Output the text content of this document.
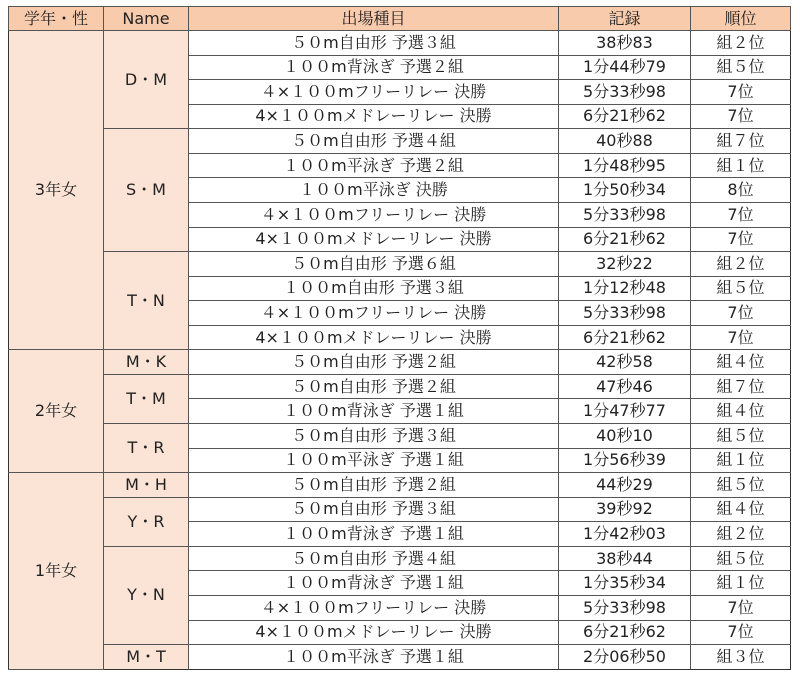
学年・性	Name	出場種目	記録	順位
3年女	D・M	５０m自由形 予選３組	38秒83	組２位
		１００m背泳ぎ 予選２組	1分44秒79	組５位
		４×１００mフリーリレー 決勝	5分33秒98	7位
		4×１００mメドレーリレー 決勝	6分21秒62	7位
	S・M	５０m自由形 予選４組	40秒88	組７位
		１００m平泳ぎ 予選２組	1分48秒95	組１位
		１００m平泳ぎ 決勝	1分50秒34	8位
		４×１００mフリーリレー 決勝	5分33秒98	7位
		4×１００mメドレーリレー 決勝	6分21秒62	7位
	T・N	５０m自由形 予選６組	32秒22	組２位
		１００m自由形 予選３組	1分12秒48	組５位
		４×１００mフリーリレー 決勝	5分33秒98	7位
		4×１００mメドレーリレー 決勝	6分21秒62	7位
2年女	M・K	５０m自由形 予選２組	42秒58	組４位
	T・M	５０m自由形 予選２組	47秒46	組７位
		１００m背泳ぎ 予選１組	1分47秒77	組４位
	T・R	５０m自由形 予選３組	40秒10	組５位
		１００m平泳ぎ 予選１組	1分56秒39	組１位
1年女	M・H	５０m自由形 予選２組	44秒29	組５位
	Y・R	５０m自由形 予選３組	39秒92	組４位
		１００m背泳ぎ 予選１組	1分42秒03	組２位
	Y・N	５０m自由形 予選４組	38秒44	組５位
		１００m背泳ぎ 予選１組	1分35秒34	組１位
		４×１００mフリーリレー 決勝	5分33秒98	7位
		4×１００mメドレーリレー 決勝	6分21秒62	7位
	M・T	１００m平泳ぎ 予選１組	2分06秒50	組３位
